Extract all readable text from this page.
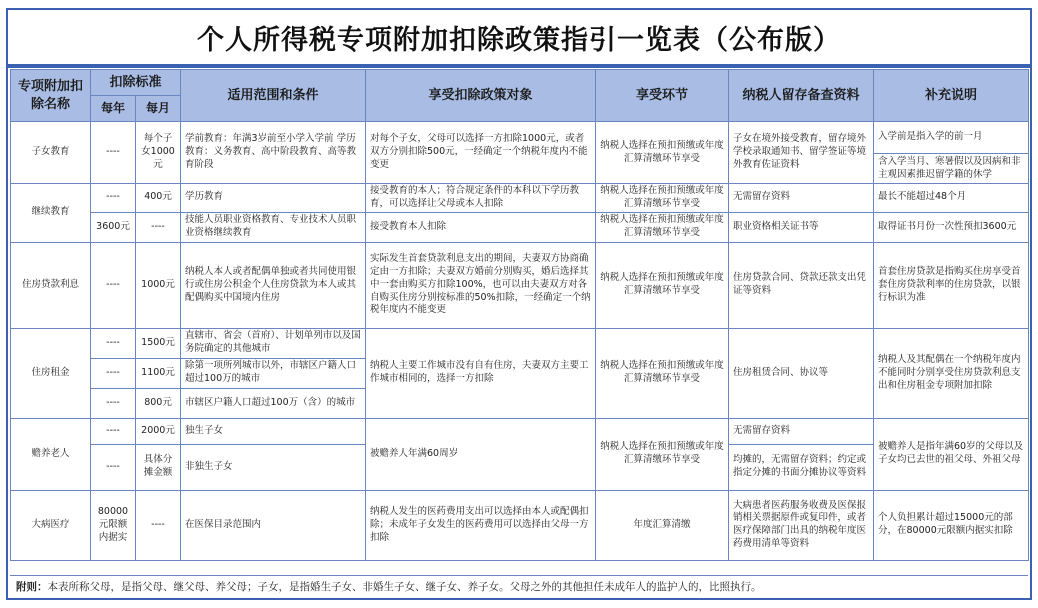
个人所得税专项附加扣除政策指引一览表（公布版）
专项附加扣除名称	扣除标准		适用范围和条件	享受扣除政策对象	享受环节	纳税人留存备查资料	补充说明
	每年	每月					
子女教育	----	每个子女1000元	学前教育：年满3岁前至小学入学前 学历教育：义务教育、高中阶段教育、高等教育阶段	对每个子女，父母可以选择一方扣除1000元，或者双方分别扣除500元，一经确定一个纳税年度内不能变更	纳税人选择在预扣预缴或年度汇算清缴环节享受	子女在境外接受教育，留存境外学校录取通知书、留学签证等境外教育佐证资料	入学前是指入学的前一月
							含入学当月、寒暑假以及因病和非主观因素推迟留学籍的休学
继续教育	----	400元	学历教育	接受教育的本人；符合规定条件的本科以下学历教育，可以选择让父母或本人扣除	纳税人选择在预扣预缴或年度汇算清缴环节享受	无需留存资料	最长不能超过48个月
	3600元	----	技能人员职业资格教育、专业技术人员职业资格继续教育	接受教育本人扣除	纳税人选择在预扣预缴或年度汇算清缴环节享受	职业资格相关证书等	取得证书月份一次性预扣3600元
住房贷款利息	----	1000元	纳税人本人或者配偶单独或者共同使用银行或住房公积金个人住房贷款为本人或其配偶购买中国境内住房	实际发生首套贷款利息支出的期间，夫妻双方协商确定由一方扣除；夫妻双方婚前分别购买，婚后选择其中一套由购买方扣除100%，也可以由夫妻双方对各自购买住房分别按标准的50%扣除，一经确定一个纳税年度内不能变更	纳税人选择在预扣预缴或年度汇算清缴环节享受	住房贷款合同、贷款还款支出凭证等资料	首套住房贷款是指购买住房享受首套住房贷款利率的住房贷款，以银行标识为准
住房租金	----	1500元	直辖市、省会（首府）、计划单列市以及国务院确定的其他城市	纳税人主要工作城市没有自有住房，夫妻双方主要工作城市相同的，选择一方扣除	纳税人选择在预扣预缴或年度汇算清缴环节享受	住房租赁合同、协议等	纳税人及其配偶在一个纳税年度内不能同时分别享受住房贷款利息支出和住房租金专项附加扣除
	----	1100元	除第一项所列城市以外，市辖区户籍人口超过100万的城市				
	----	800元	市辖区户籍人口超过100万（含）的城市				
赡养老人	----	2000元	独生子女	被赡养人年满60周岁	纳税人选择在预扣预缴或年度汇算清缴环节享受	无需留存资料	被赡养人是指年满60岁的父母以及子女均已去世的祖父母、外祖父母
	----	具体分摊金额	非独生子女			均摊的，无需留存资料；约定或指定分摊的书面分摊协议等资料	
大病医疗	80000元限额内据实	----	在医保目录范围内	纳税人发生的医药费用支出可以选择由本人或配偶扣除；未成年子女发生的医药费用可以选择由父母一方扣除	年度汇算清缴	大病患者医药服务收费及医保报销相关票据原件或复印件，或者医疗保障部门出具的纳税年度医药费用清单等资料	个人负担累计超过15000元的部分，在80000元限额内据实扣除
附则：本表所称父母，是指父母、继父母、养父母；子女，是指婚生子女、非婚生子女、继子女、养子女。父母之外的其他担任未成年人的监护人的，比照执行。
